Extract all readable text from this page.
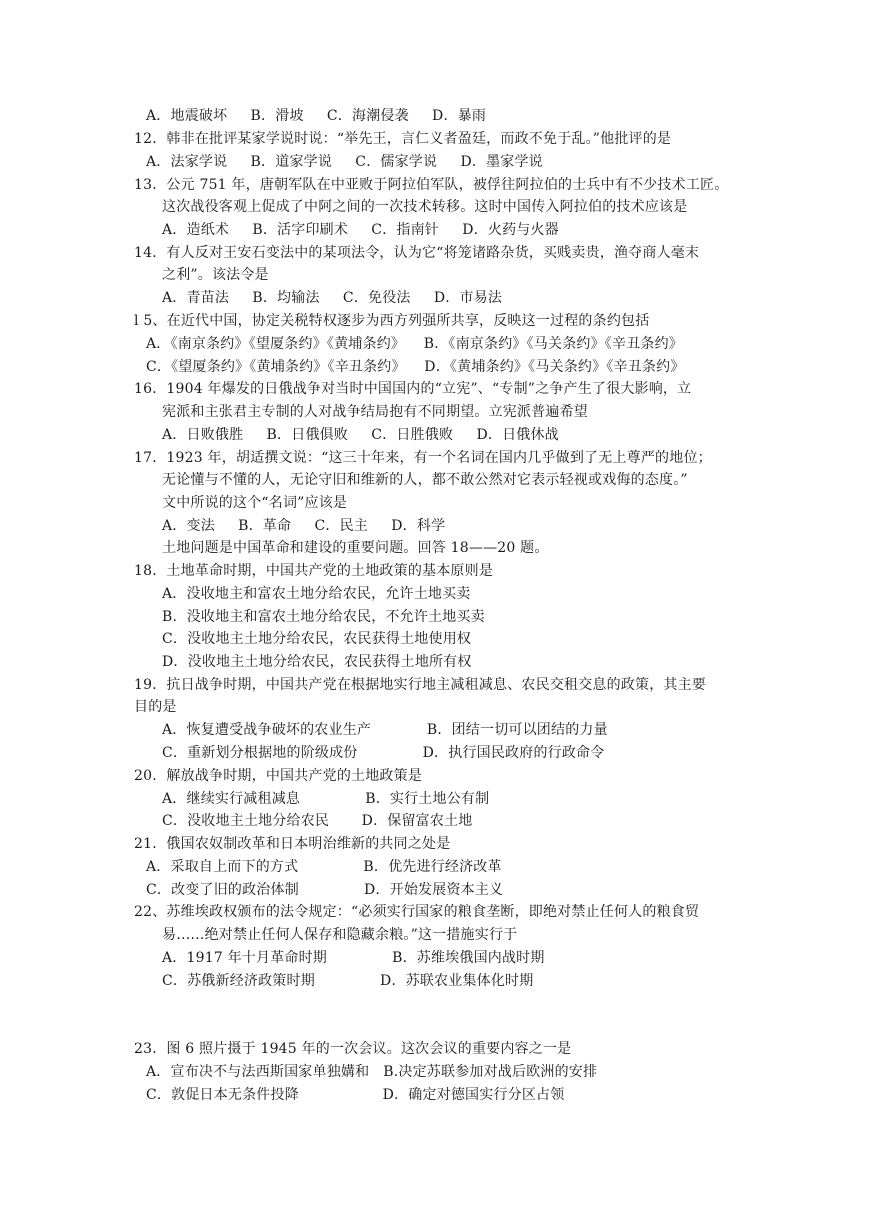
A．地震破坏     B．滑坡     C．海潮侵袭     D．暴雨
12．韩非在批评某家学说时说：“举先王，言仁义者盈廷，而政不免于乱。”他批评的是
A．法家学说     B．道家学说     C．儒家学说     D．墨家学说
13．公元 751 年，唐朝军队在中亚败于阿拉伯军队，被俘往阿拉伯的士兵中有不少技术工匠。
这次战役客观上促成了中阿之间的一次技术转移。这时中国传入阿拉伯的技术应该是
A．造纸术     B．活字印刷术     C．指南针     D．火药与火器
14．有人反对王安石变法中的某项法令，认为它“将笼诸路杂货，买贱卖贵，渔夺商人毫末
之利”。该法令是
A．青苗法     B．均输法     C．免役法     D．市易法
l 5、在近代中国，协定关税特权逐步为西方列强所共享，反映这一过程的条约包括
A．《南京条约》《望厦条约》《黄埔条约》    B．《南京条约》《马关条约》《辛丑条约》
C．《望厦条约》《黄埔条约》《辛丑条约》    D．《黄埔条约》《马关条约》《辛丑条约》
16．1904 年爆发的日俄战争对当时中国国内的“立宪”、“专制”之争产生了很大影响，立
宪派和主张君主专制的人对战争结局抱有不同期望。立宪派普遍希望
A．日败俄胜     B．日俄俱败     C．日胜俄败     D．日俄休战
17．1923 年，胡适撰文说：“这三十年来，有一个名词在国内几乎做到了无上尊严的地位；
无论懂与不懂的人，无论守旧和维新的人，都不敢公然对它表示轻视或戏侮的态度。”
文中所说的这个“名词”应该是
A．变法     B．革命     C．民主     D．科学
土地问题是中国革命和建设的重要问题。回答 18——20 题。
18．土地革命时期，中国共产党的土地政策的基本原则是
A．没收地主和富农土地分给农民，允许土地买卖
B．没收地主和富农土地分给农民，不允许土地买卖
C．没收地主土地分给农民，农民获得土地使用权
D．没收地主土地分给农民，农民获得土地所有权
19．抗日战争时期，中国共产党在根据地实行地主减租减息、农民交租交息的政策，其主要
目的是
A．恢复遭受战争破坏的农业生产            B．团结一切可以团结的力量
C．重新划分根据地的阶级成份              D．执行国民政府的行政命令
20．解放战争时期，中国共产党的土地政策是
A．继续实行减租减息              B．实行土地公有制
C．没收地主土地分给农民       D．保留富农土地
21．俄国农奴制改革和日本明治维新的共同之处是
A．采取自上而下的方式              B．优先进行经济改革
C．改变了旧的政治体制              D．开始发展资本主义
22、苏维埃政权颁布的法令规定：“必须实行国家的粮食垄断，即绝对禁止任何人的粮食贸
易……绝对禁止任何人保存和隐藏余粮。”这一措施实行于
A．1917 年十月革命时期              B．苏维埃俄国内战时期
C．苏俄新经济政策时期              D．苏联农业集体化时期
23．图 6 照片摄于 1945 年的一次会议。这次会议的重要内容之一是
A．宣布决不与法西斯国家单独媾和   B.决定苏联参加对战后欧洲的安排
C．敦促日本无条件投降                  D．确定对德国实行分区占领
